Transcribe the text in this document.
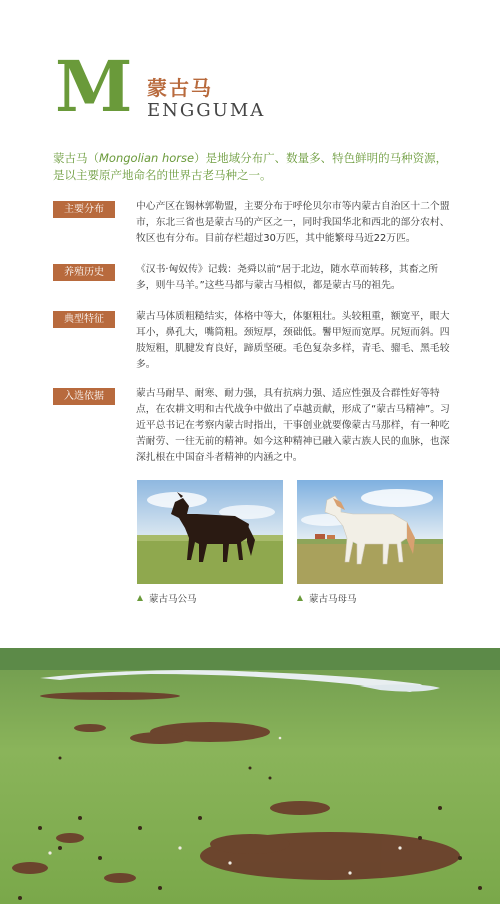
M 蒙古马
ENGGUMA
蒙古马（Mongolian horse）是地域分布广、数量多、特色鲜明的马种资源，是以主要原产地命名的世界古老马种之一。
主要分布	中心产区在锡林郭勒盟，主要分布于呼伦贝尔市等内蒙古自治区十二个盟市，东北三省也是蒙古马的产区之一，同时我国华北和西北的部分农村、牧区也有分布。目前存栏超过30万匹，其中能繁母马近22万匹。
养殖历史	《汉书·匈奴传》记载：尧舜以前“居于北边，随水草而转移，其畜之所多，则牛马羊。”这些马都与蒙古马相似，都是蒙古马的祖先。
典型特征	蒙古马体质粗糙结实，体格中等大，体躯粗壮。头较粗重，额宽平，眼大耳小，鼻孔大，嘴筒粗。颈短厚，颈础低。鬐甲短而宽厚。尻短而斜。四肢短粗，肌腱发育良好，蹄质坚硬。毛色复杂多样，青毛、骝毛、黑毛较多。
入选依据	蒙古马耐旱、耐寒、耐力强，具有抗病力强、适应性强及合群性好等特点，在农耕文明和古代战争中做出了卓越贡献，形成了“蒙古马精神”。习近平总书记在考察内蒙古时指出，干事创业就要像蒙古马那样，有一种吃苦耐劳、一往无前的精神。如今这种精神已融入蒙古族人民的血脉，也深深扎根在中国奋斗者精神的内涵之中。
蒙古马公马	蒙古马母马
